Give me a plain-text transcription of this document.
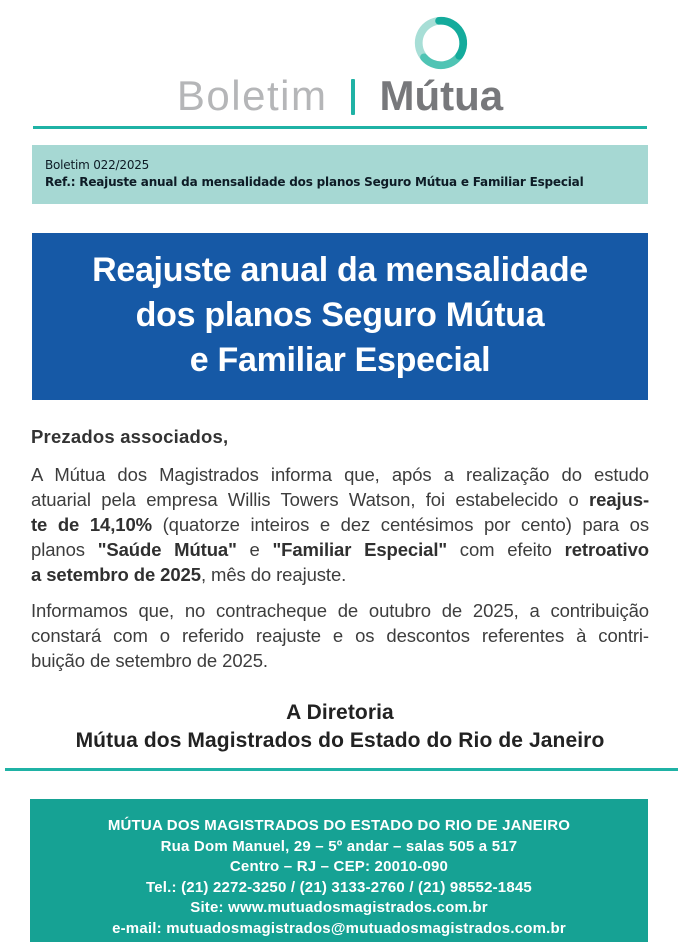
Boletim Mútua
Boletim 022/2025
Ref.: Reajuste anual da mensalidade dos planos Seguro Mútua e Familiar Especial
Reajuste anual da mensalidade
dos planos Seguro Mútua
e Familiar Especial
Prezados associados,
A Mútua dos Magistrados informa que, após a realização do estudo
atuarial pela empresa Willis Towers Watson, foi estabelecido o reajus-
te de 14,10% (quatorze inteiros e dez centésimos por cento) para os
planos "Saúde Mútua" e "Familiar Especial" com efeito retroativo
a setembro de 2025, mês do reajuste.
Informamos que, no contracheque de outubro de 2025, a contribuição
constará com o referido reajuste e os descontos referentes à contri-
buição de setembro de 2025.
A Diretoria
Mútua dos Magistrados do Estado do Rio de Janeiro
MÚTUA DOS MAGISTRADOS DO ESTADO DO RIO DE JANEIRO
Rua Dom Manuel, 29 – 5º andar – salas 505 a 517
Centro – RJ – CEP: 20010-090
Tel.: (21) 2272-3250 / (21) 3133-2760 / (21) 98552-1845
Site: www.mutuadosmagistrados.com.br
e-mail: mutuadosmagistrados@mutuadosmagistrados.com.br
